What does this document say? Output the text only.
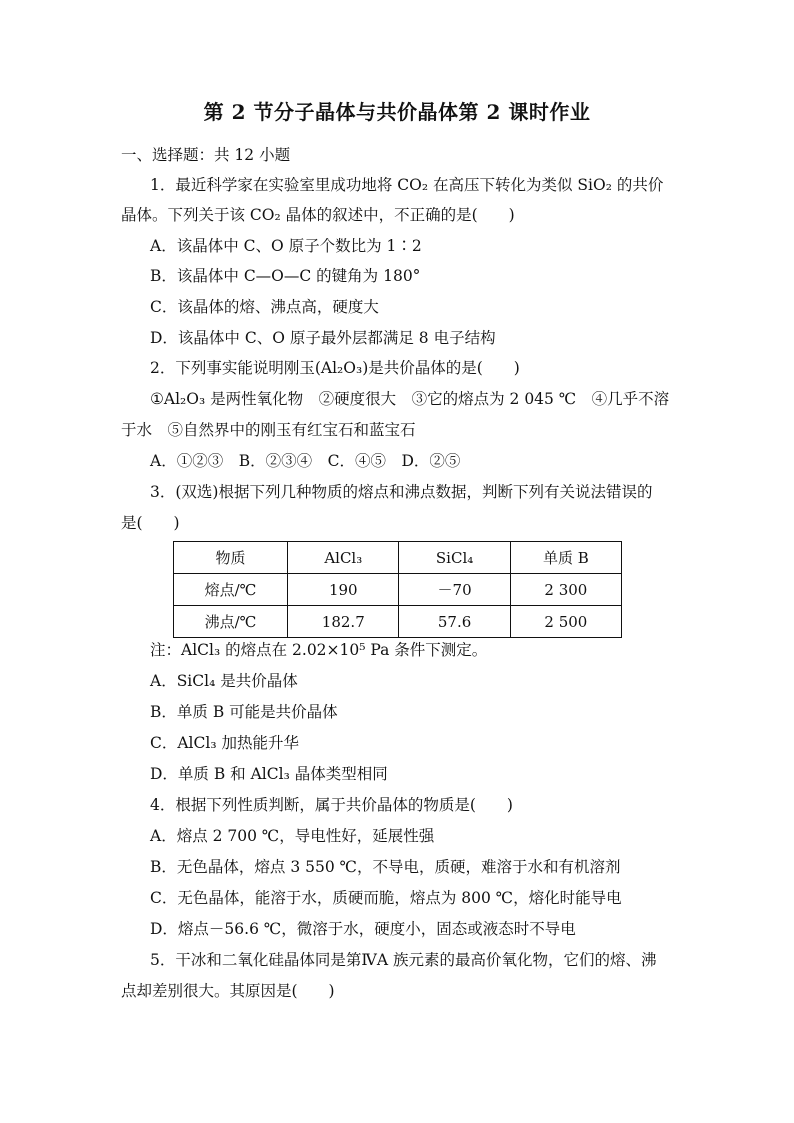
第 2 节分子晶体与共价晶体第 2 课时作业
一、选择题：共 12 小题
1．最近科学家在实验室里成功地将 CO₂ 在高压下转化为类似 SiO₂ 的共价
晶体。下列关于该 CO₂ 晶体的叙述中，不正确的是(　　)
A．该晶体中 C、O 原子个数比为 1∶2
B．该晶体中 C—O—C 的键角为 180°
C．该晶体的熔、沸点高，硬度大
D．该晶体中 C、O 原子最外层都满足 8 电子结构
2．下列事实能说明刚玉(Al₂O₃)是共价晶体的是(　　)
①Al₂O₃ 是两性氧化物　②硬度很大　③它的熔点为 2 045 ℃　④几乎不溶
于水　⑤自然界中的刚玉有红宝石和蓝宝石
A．①②③　B．②③④　C．④⑤　D．②⑤
3．(双选)根据下列几种物质的熔点和沸点数据，判断下列有关说法错误的
是(　　)
物质	AlCl₃	SiCl₄	单质 B
熔点/℃	190	－70	2 300
沸点/℃	182.7	57.6	2 500
注：AlCl₃ 的熔点在 2.02×10⁵ Pa 条件下测定。
A．SiCl₄ 是共价晶体
B．单质 B 可能是共价晶体
C．AlCl₃ 加热能升华
D．单质 B 和 AlCl₃ 晶体类型相同
4．根据下列性质判断，属于共价晶体的物质是(　　)
A．熔点 2 700 ℃，导电性好，延展性强
B．无色晶体，熔点 3 550 ℃，不导电，质硬，难溶于水和有机溶剂
C．无色晶体，能溶于水，质硬而脆，熔点为 800 ℃，熔化时能导电
D．熔点－56.6 ℃，微溶于水，硬度小，固态或液态时不导电
5．干冰和二氧化硅晶体同是第ⅣA 族元素的最高价氧化物，它们的熔、沸
点却差别很大。其原因是(　　)
